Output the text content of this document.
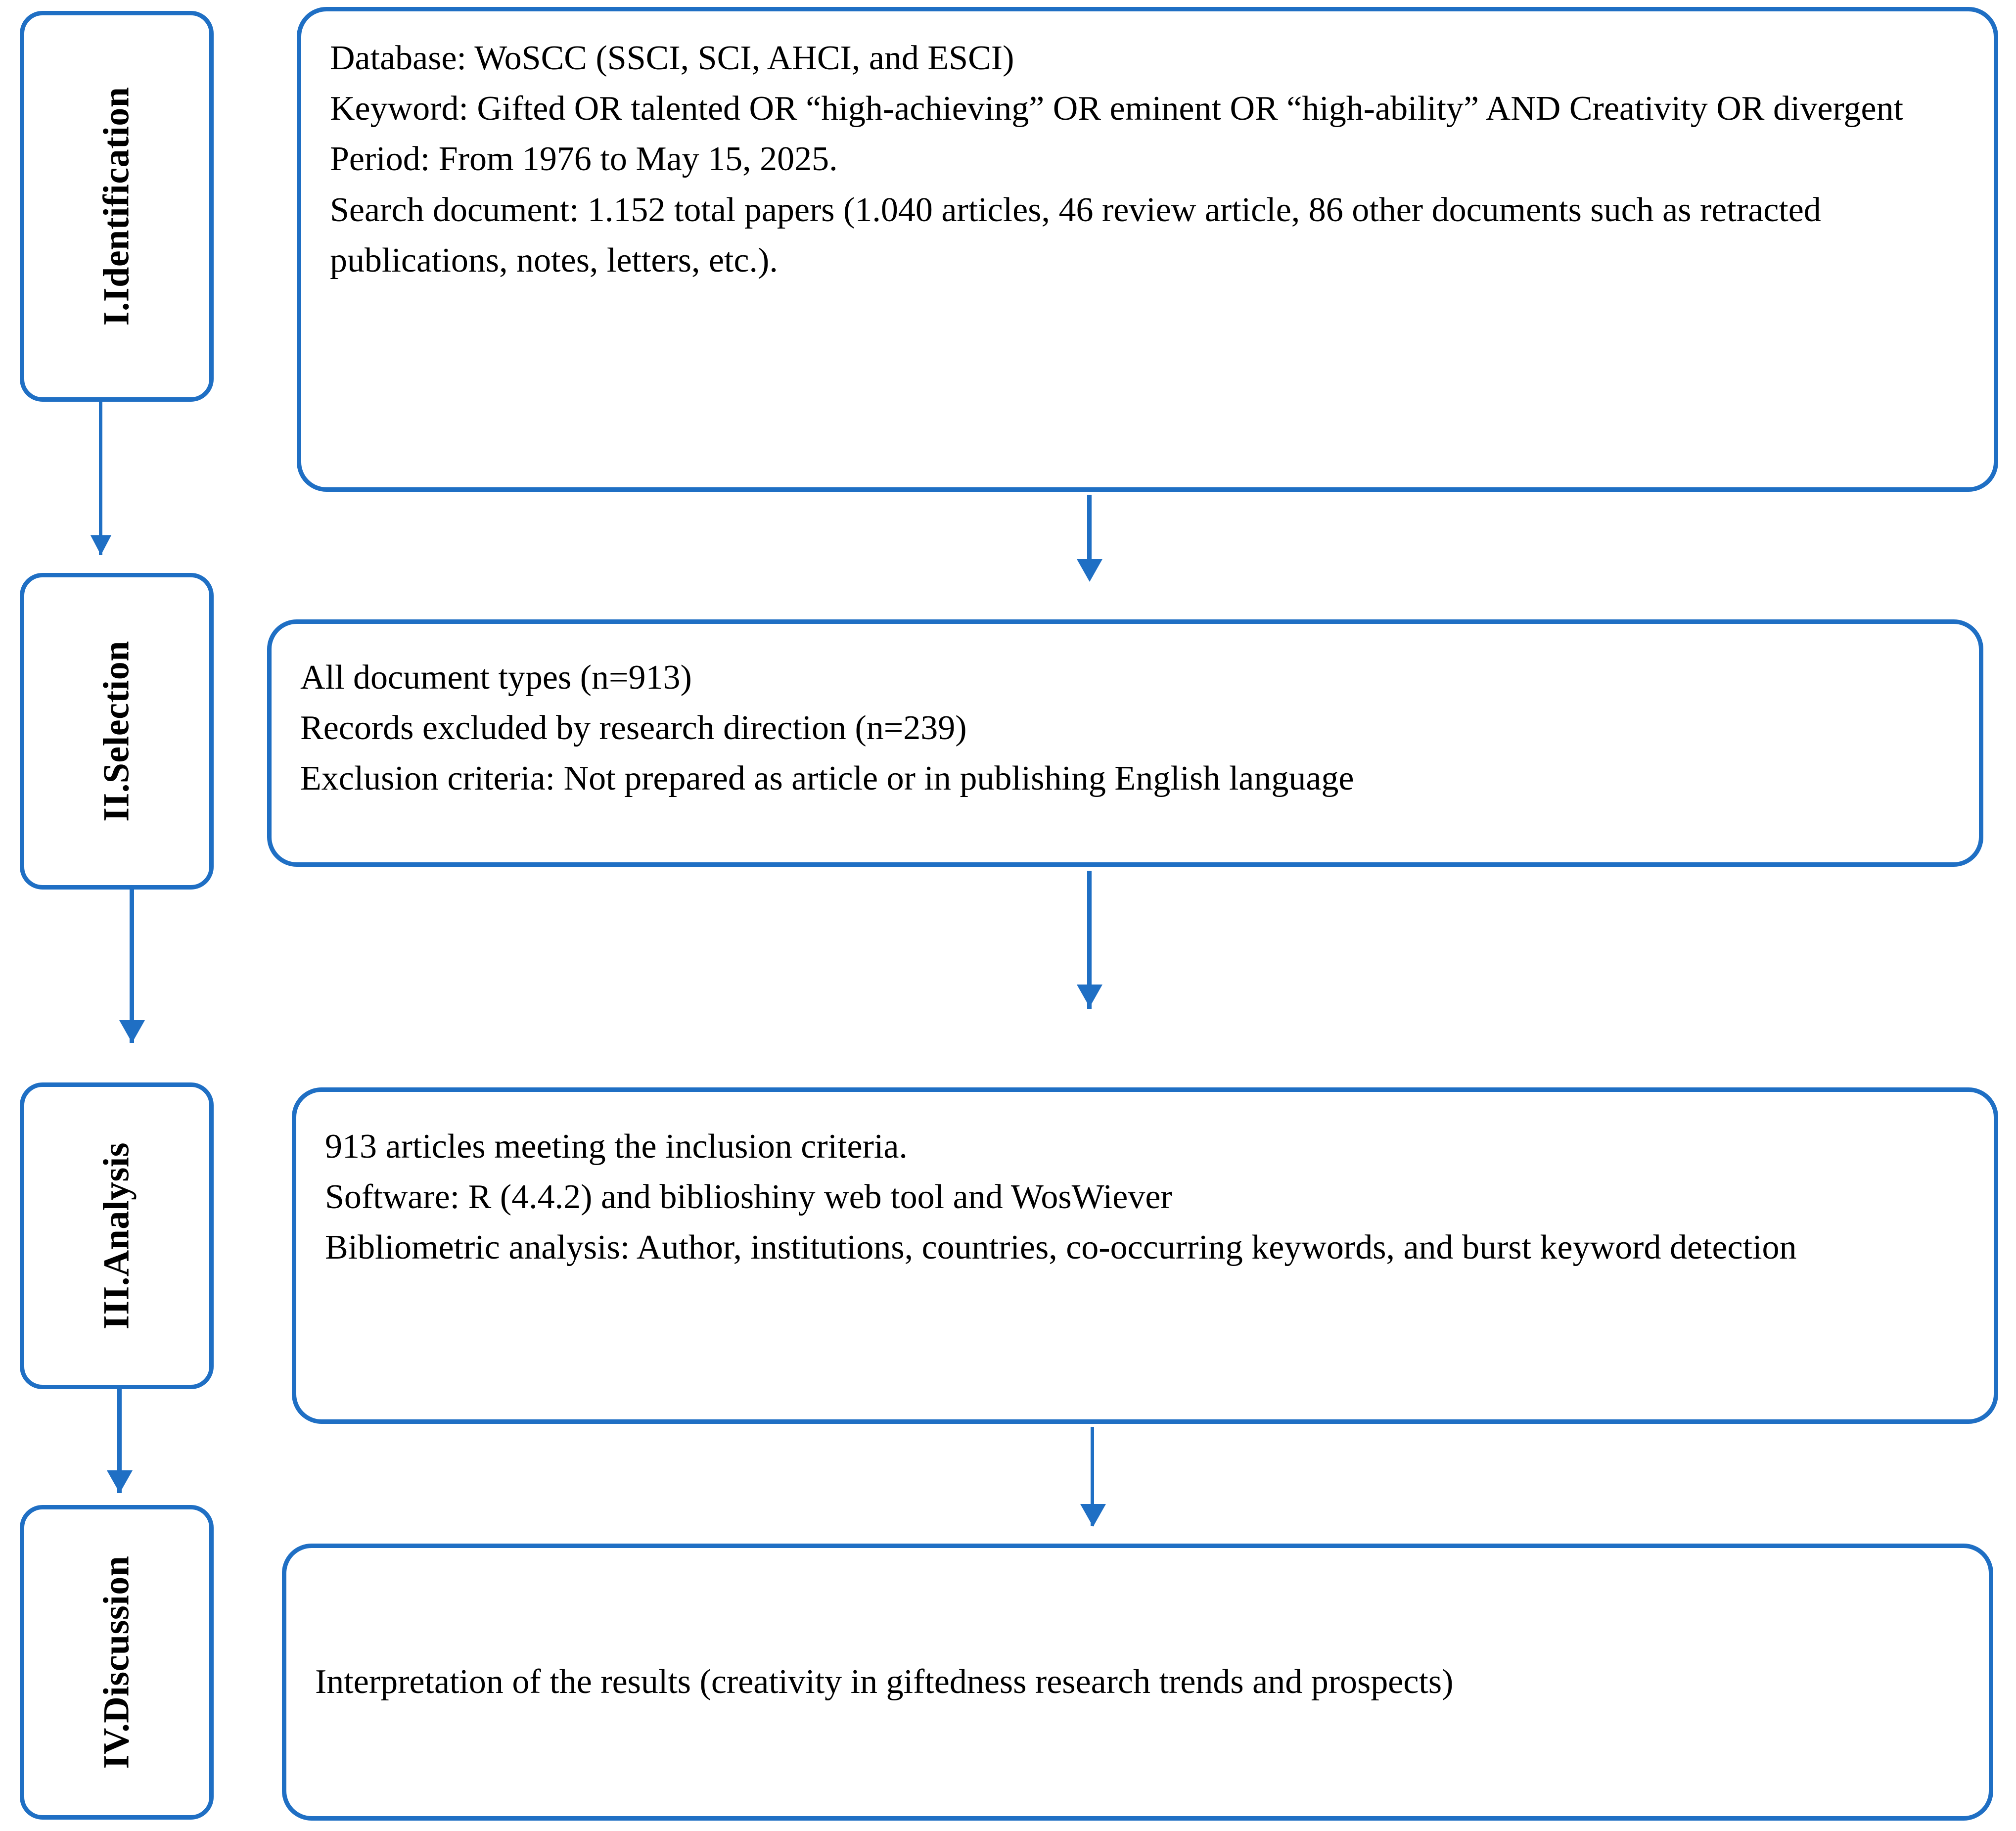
I.Identification
Database: WoSCC (SSCI, SCI, AHCI, and ESCI)
Keyword: Gifted OR talented OR “high-achieving” OR eminent OR “high-ability” AND Creativity OR divergent
Period: From 1976 to May 15, 2025.
Search document: 1.152 total papers (1.040 articles, 46 review article, 86 other documents such as retracted publications, notes, letters, etc.).
II.Selection	All document types (n=913)
Records excluded by research direction (n=239)
Exclusion criteria: Not prepared as article or in publishing English language
III.Analysis	913 articles meeting the inclusion criteria.
Software: R (4.4.2) and biblioshiny web tool and WosWiever
Bibliometric analysis: Author, institutions, countries, co-occurring keywords, and burst keyword detection
IV.Discussion	Interpretation of the results (creativity in giftedness research trends and prospects)
